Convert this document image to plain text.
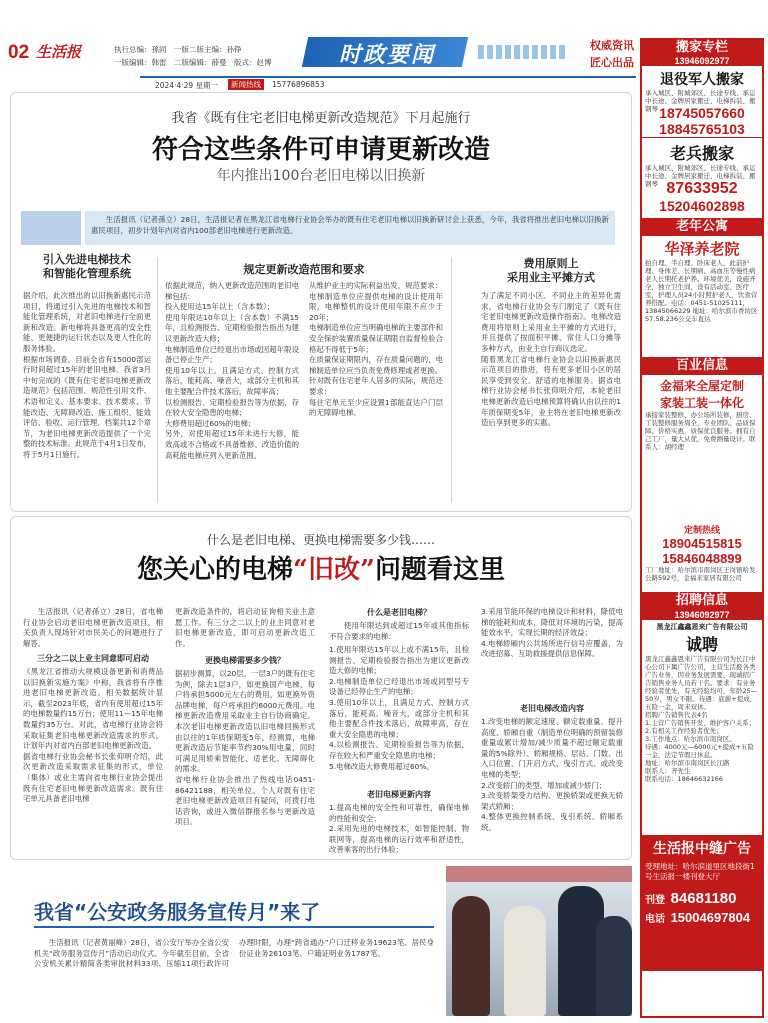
02 生活报	执行总编：孫同　一版二版主编：孙铮
一版编辑：韩雷　二版编辑：薛曼　版式：赵博	时政要闻	权威资讯
匠心出品
2024·4·29 星期一	新闻热线	15776896853
我省《既有住宅老旧电梯更新改造规范》下月起施行
符合这些条件可申请更新改造
年内推出100台老旧电梯以旧换新
生活报讯（记者孫立）28日，生活报记者在黑龙江省电梯行业协会举办的既有住宅老旧电梯以旧换新研讨会上获悉，今年，我省将推出老旧电梯以旧换新惠民项目，初步计划年内对省内100部老旧电梯进行更新改造。
引入先进电梯技术
和智能化管理系统
据介绍，此次推出的以旧换新惠民示范项目，将通过引入先进的电梯技术和智能化管理系统，对老旧电梯进行全面更新和改造。新电梯将具备更高的安全性能、更便捷的运行状态以及更人性化的服务体验。
根据市场调查，目前全省有15000部运行时间超过15年的老旧电梯。我省3月中旬完成的《既有住宅老旧电梯更新改造规范》包括范围、规范性引用文件、术语和定义、基本要求、技术要求、节能改造、无障碍改造、施工组织、能效评估、验收、运行管理、档案共12个章节，为老旧电梯更新改造提供了一个完整的技术标准。此规范于4月1日发布，将于5月1日施行。
规定更新改造范围和要求
依据此规范，纳入更新改造范围的老旧电梯包括：
投入使用达15年以上（含本数）；
使用年限达10年以上（含本数）不满15年，且检测报告、定期检验报告指出为建议更新改造大修；
电梯制造单位已经退出市场或因超年限设备已停止生产；
使用10年以上，且满足方式、控制方式落后，能耗高、噪音大，或部分主机和其他主要配合件技术落后，故障率高；
以检测报告、定期检验报告等为依据，存在较大安全隐患的电梯；
大修费用超过60%的电梯；
另外，对使用超过15年未进行大修，能效高或不合格或不具备维修、改造价值的高耗能电梯应列入更新范围。
从维护业主的实际利益出发，规范要求：
电梯制造单位应提供电梯的设计使用年限，电梯整机的设计使用年限不应少于20年；
电梯制造单位应当明确电梯的主要部件和安全保护装置质量保证期限自监督检验合格起不得低于5年；
在质量保证期限内，存在质量问题的，电梯制造单位应当负责免费修理或者更换。
针对既有住宅老年人居多的实际，规范还要求：
每住宅单元至少应设置1部能直达户门层的无障碍电梯。
费用原则上
采用业主平摊方式
为了满足不同小区、不同业主的差异化需求，省电梯行业协会专门制定了《既有住宅老旧电梯更新改造操作指南》。电梯改造费用将原则上采用业主平摊的方式进行，并且提供了按面积平摊、常住人口分摊等多种方式，由业主自行商议选定。
随着黑龙江省电梯行业协会以旧换新惠民示范项目的推进，将有更多老旧小区的居民享受到安全、舒适的电梯服务。据省电梯行业协会秘书长张仰明介绍，本轮老旧电梯更新改造后电梯预算将确认由以往的1年质保期变5年，业主将在老旧电梯更新改造后享到更多的实惠。
什么是老旧电梯、更换电梯需要多少钱……
您关心的电梯“旧改”问题看这里
生活报讯（记者孫立）28日，省电梯行业协会启动老旧电梯更新改造项目，相关负责人现场针对市民关心的问题进行了解答。
三分之二以上业主同意即可启动
《黑龙江省推动大规模设备更新和消费品以旧换新实施方案》中称，我省将有序推进老旧电梯更新改造。相关数据统计显示，截至2023年底，省内有使用超过15年的电梯数量约15万台；使用11—15年电梯数量约35万台。对此，省电梯行业协会将采取征集老旧电梯更新改造需求的形式，计划年内对省内百部老旧电梯更新改造。
据省电梯行业协会秘书长张仰明介绍，此次更新改造采取需求征集的形式，单位（集体）或业主需向省电梯行业协会提出既有住宅老旧电梯更新改造需求。既有住宅单元具备老旧电梯
更新改造条件的，将启动征询相关业主意愿工作。有三分之二以上的业主同意对老旧电梯更新改造，即可启动更新改造工作。
更换电梯需要多少钱？
据初步测算，以20层、一层3户的既有住宅为例，除去1层3户，如更换国产电梯，每户将承担5000元左右的费用，如更换外资品牌电梯，每户将承担约6000元费用。电梯更新改造费用采取业主自行协商确定。本次老旧电梯更新改造以旧电梯回换形式由以往的1年质保期变5年，经测算，电梯更新改造后节能率节约30%用电量，同时可满足用轿乘智能化、适老化、无障碍化的需求。
省电梯行业协会推出了热线电话0451-86421188，相关单位、个人对既有住宅老旧电梯更新改造项目有疑问，可拨打电话咨询，或进入微信群报名参与更新改造项目。
什么是老旧电梯？
使用年限达到或超过15年或其他指标不符合要求的电梯：
1.使用年限达15年以上或不满15年，且检测报告、定期检验报告指出为建议更新改造大修的电梯；
2.电梯制造单位已经退出市场或同型号专设备已经停止生产的电梯；
3.使用10年以上，且满足方式、控制方式落后，能耗高、噪音大，或部分主机和其他主要配合件技术落后，故障率高，存在重大安全隐患的电梯；
4.以检测报告、定期检验报告等为依据，存在较大和严重安全隐患的电梯；
5.电梯改造大修费用超过60%。
老旧电梯更新内容
1.提高电梯的安全性和可靠性，确保电梯的性能和安全；
2.采用先进的电梯技术，如智能控制、物联网等，提高电梯的运行效率和舒适性，改善乘客的出行体验；
3.采用节能环保的电梯设计和材料，降低电梯的能耗和成本，降低对环境的污染，提高能效水平，实现长期的经济效益；
4.电梯轿厢内公共场所进行信号应覆盖，为改进招募、互助救援提供信息保障。
老旧电梯改造内容
1.改变电梯的额定速度、额定载重量、提升高度、轿厢自重（制造单位明确的预留装修重量或累计增加/减少质量不超过额定载重量的5%除外）、轿厢规格、层站、门数、出入口位置、门开启方式、曳引方式、或改变电梯的类型；
2.改变轿门的类型、增加或减少轿门；
3.改变轿架受力结构、更换轿架或更换无轿架式轿厢；
4.整体更换控制系统、曳引系统、轿厢系统。
我省“公安政务服务宣传月”来了
生活报讯（记者黄丽峰）28日，省公安厅举办全省公安机关“政务服务宣传月”活动启动仪式。今年截至目前，全省公安机关累计精简各类审批材料33项、压缩11项行政许可办理时限，办理“跨省通办”户口迁移业务19623笔、居民身份证业务26103笔、户籍证明业务1787笔。
搬家专栏
13946092977
退役军人搬家
承入城区、附城郊区、长途专线、承运中长途、金牌居家搬迁、电梯拆装、搬钢琴 18745057660
18845765103
老兵搬家
承入城区、附城郊区、长途专线、承运中长途、金牌居家搬迁、电梯拆装、搬钢琴 87633952
15204602898
老年公寓
华泽养老院
拍自理、半自理、卧床老人，此前护理、身体差、长期病、高血压等慢性病老人长期托老护养。环境优美，设施齐全，独立卫生间，设有活动室、医疗室，护理人员24小时照护老人，饮食营养搭配。电话：0451-51025111，13845066229 地址：哈尔滨市香坊区57.58.236公交车直达
百业信息
金福来全屋定制
家装工装一体化
承接家装整修、办公场所装修，厨房、工装整修服务周全，专业团队、品质保障、价格实惠，质保优良服务。拥有自己工厂，量大从优，免费测量设计。联系人：胡经理
定制热线
18904515815
15846048899
工厂地址：哈尔滨市南岗区王岗镇哈发公路592号，金福来家居有限公司
招聘信息
13946092977
黑龙江鑫鑫恩来广告有限公司
诚聘
黑龙江鑫鑫恩来广告有限公司为长江中心公司下属广告公司，主营生活报各类广告业务，因业务发展需要，现诚招广告销售业务人员若干名。要求：有业务经验者优先，有无经验均可，年龄25—50岁，男女不限。待遇：底薪+提成，五险一金，周末双休。
招聘广告销售代表4名
1.主营广告销售开发，维护客户关系；
2.有相关工作经验者优先；
3.工作地点：哈尔滨市南岗区。
待遇：4000元—6000元+提成+五险一金，法定节假日休息。
地址：哈尔滨市南岗区长江路
联系人：齐先生
联系电话：18646632166
生活报中缝广告
受理地址：哈尔滨道里区地段街1号生活报一楼刊登大厅
刊登 84681180
电话 15004697804
